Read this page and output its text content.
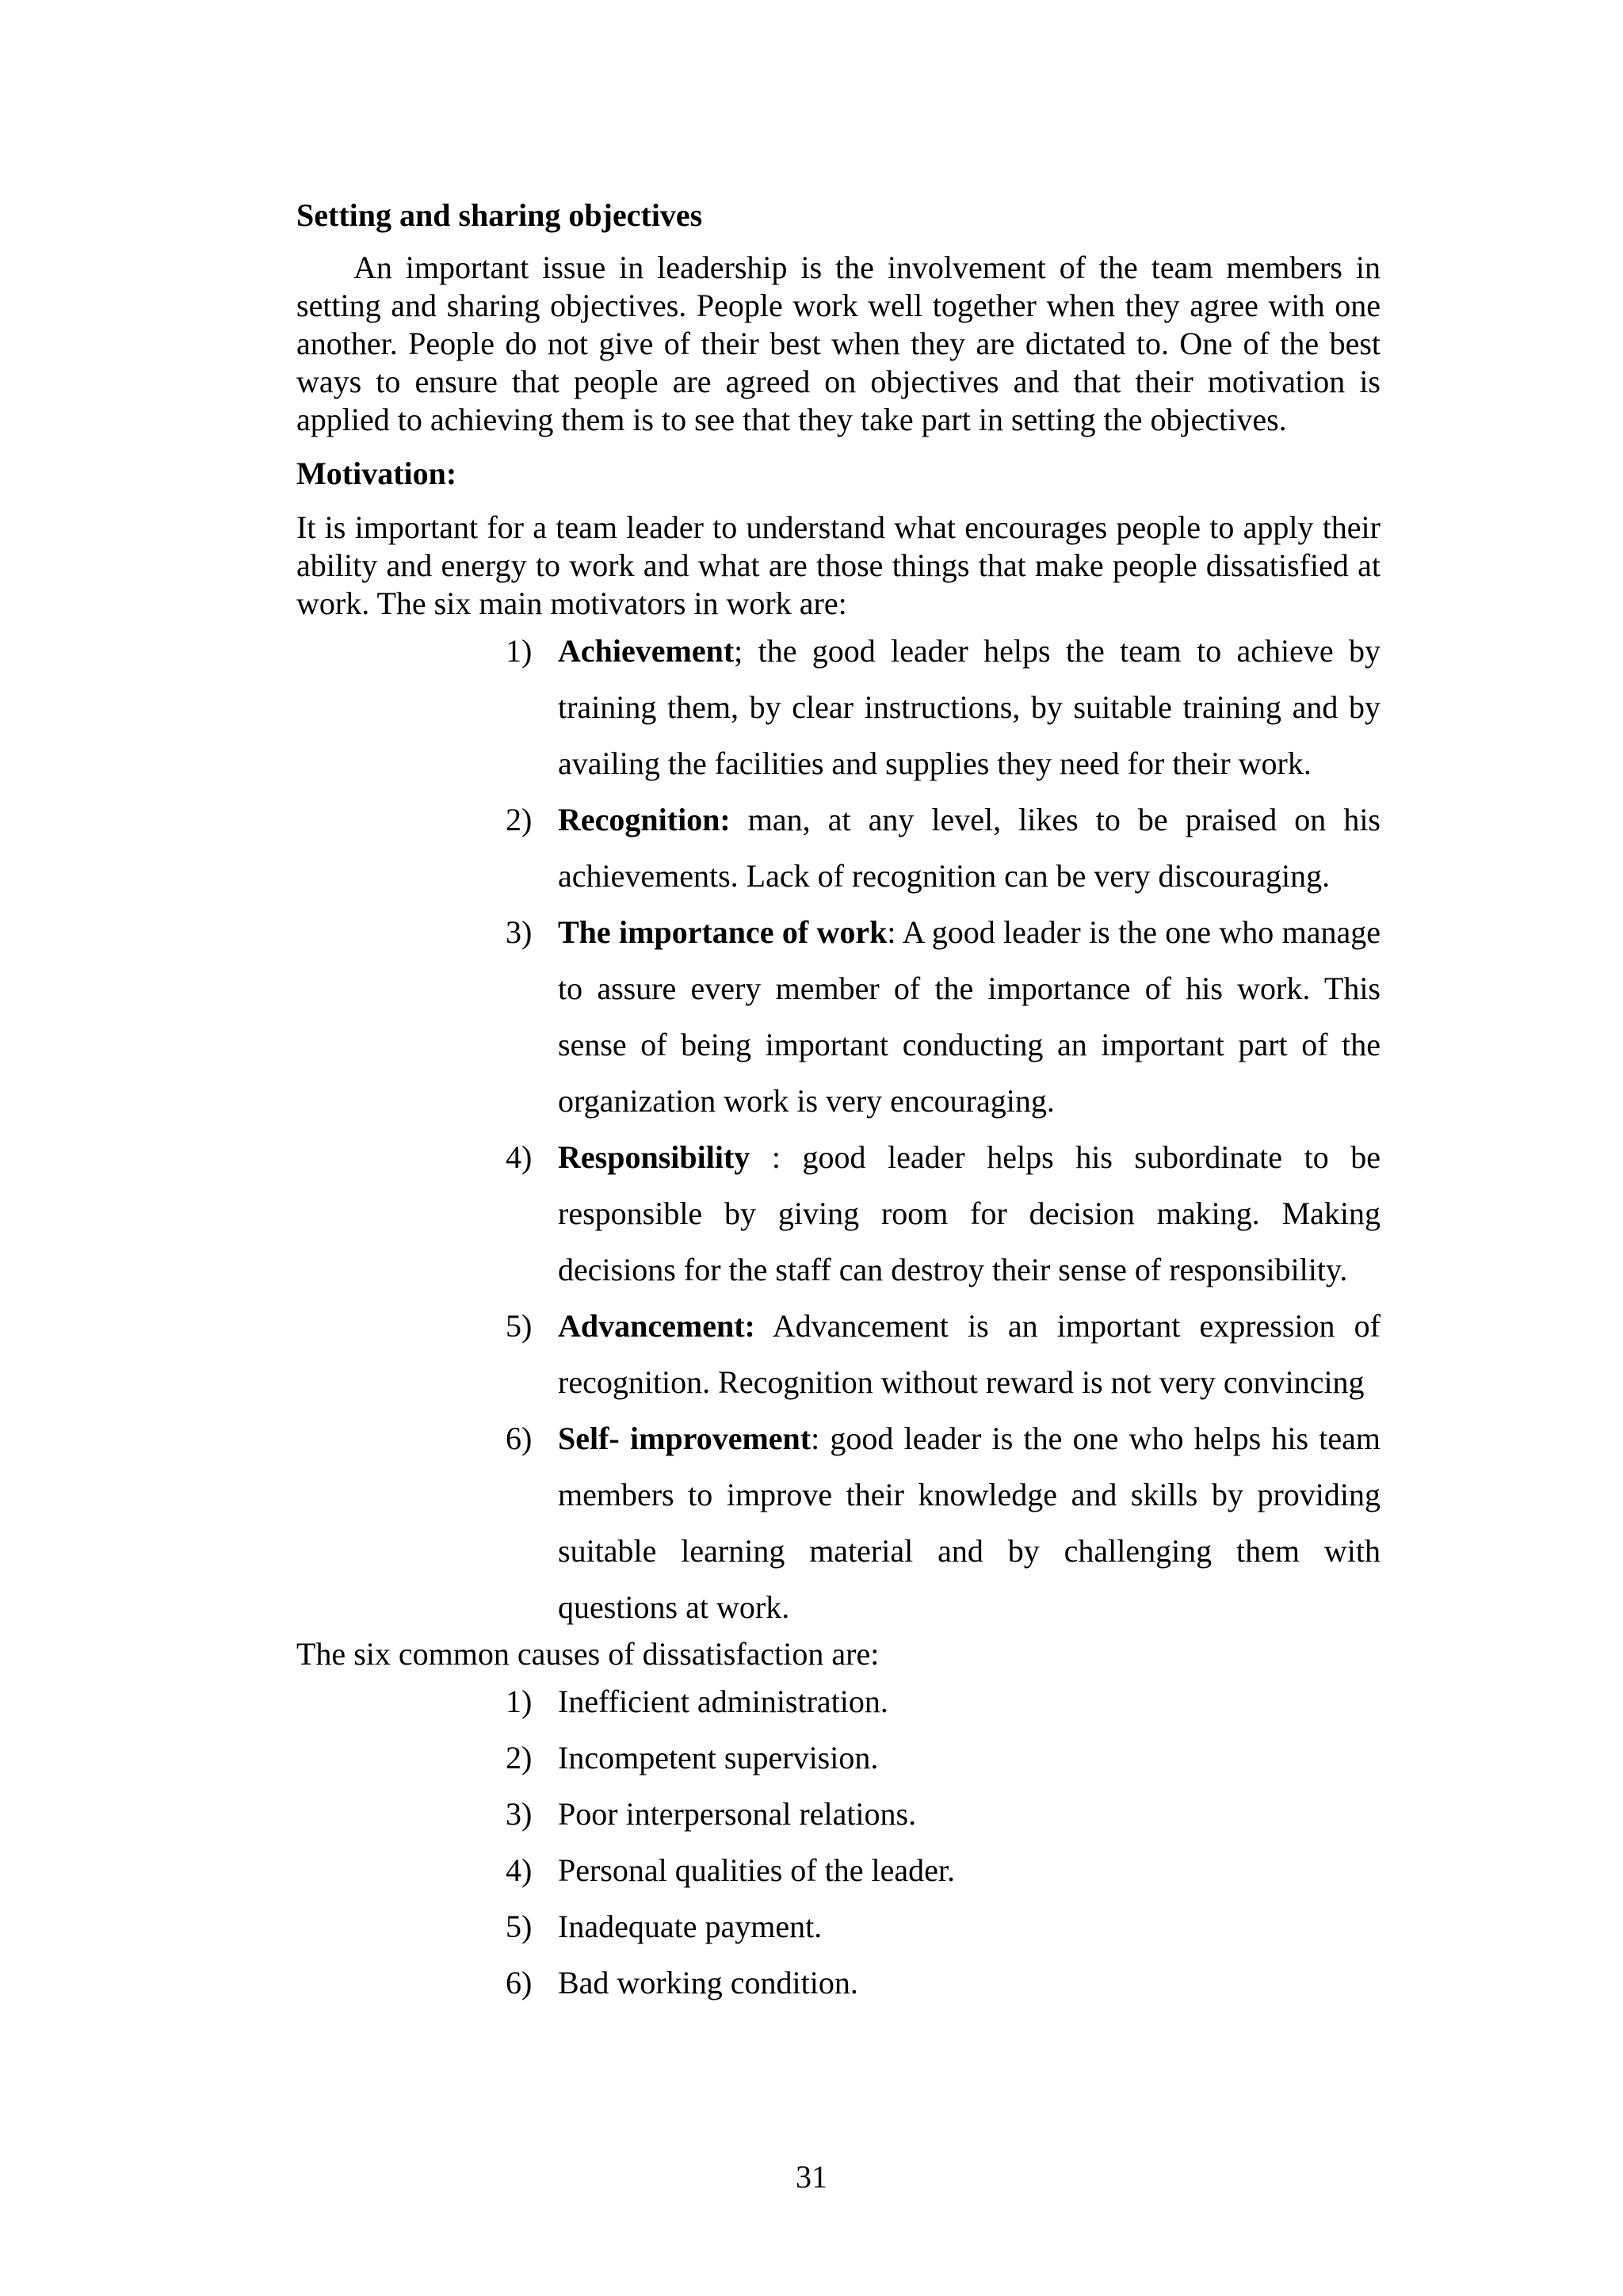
Setting and sharing objectives

An important issue in leadership is the involvement of the team members in setting and sharing objectives. People work well together when they agree with one another. People do not give of their best when they are dictated to. One of the best ways to ensure that people are agreed on objectives and that their motivation is applied to achieving them is to see that they take part in setting the objectives.

Motivation:

It is important for a team leader to understand what encourages people to apply their ability and energy to work and what are those things that make people dissatisfied at work. The six main motivators in work are:

1) Achievement; the good leader helps the team to achieve by training them, by clear instructions, by suitable training and by availing the facilities and supplies they need for their work.
2) Recognition: man, at any level, likes to be praised on his achievements. Lack of recognition can be very discouraging.
3) The importance of work: A good leader is the one who manage to assure every member of the importance of his work. This sense of being important conducting an important part of the organization work is very encouraging.
4) Responsibility : good leader helps his subordinate to be responsible by giving room for decision making. Making decisions for the staff can destroy their sense of responsibility.
5) Advancement: Advancement is an important expression of recognition. Recognition without reward is not very convincing
6) Self- improvement: good leader is the one who helps his team members to improve their knowledge and skills by providing suitable learning material and by challenging them with questions at work.

The six common causes of dissatisfaction are:

1) Inefficient administration.
2) Incompetent supervision.
3) Poor interpersonal relations.
4) Personal qualities of the leader.
5) Inadequate payment.
6) Bad working condition.
31
